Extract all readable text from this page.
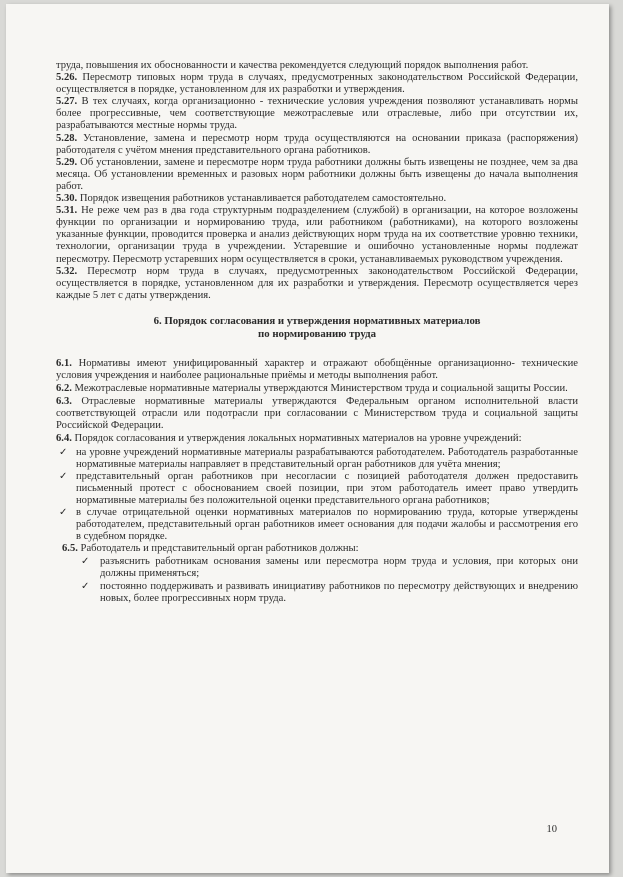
труда, повышения их обоснованности и качества рекомендуется следующий порядок выполнения работ.

5.26. Пересмотр типовых норм труда в случаях, предусмотренных законодательством Российской Федерации, осуществляется в порядке, установленном для их разработки и утверждения.

5.27. В тех случаях, когда организационно - технические условия учреждения позволяют устанавливать нормы более прогрессивные, чем соответствующие межотраслевые или отраслевые, либо при отсутствии их, разрабатываются местные нормы труда.

5.28. Установление, замена и пересмотр норм труда осуществляются на основании приказа (распоряжения) работодателя с учётом мнения представительного органа работников.

5.29. Об установлении, замене и пересмотре норм труда работники должны быть извещены не позднее, чем за два месяца. Об установлении временных и разовых норм работники должны быть извещены до начала выполнения работ.

5.30. Порядок извещения работников устанавливается работодателем самостоятельно.

5.31. Не реже чем раз в два года структурным подразделением (службой) в организации, на которое возложены функции по организации и нормированию труда, или работником (работниками), на которого возложены указанные функции, проводится проверка и анализ действующих норм труда на их соответствие уровню техники, технологии, организации труда в учреждении. Устаревшие и ошибочно установленные нормы подлежат пересмотру. Пересмотр устаревших норм осуществляется в сроки, устанавливаемых руководством учреждения.

5.32. Пересмотр норм труда в случаях, предусмотренных законодательством Российской Федерации, осуществляется в порядке, установленном для их разработки и утверждения. Пересмотр осуществляется через каждые 5 лет с даты утверждения.

6. Порядок согласования и утверждения нормативных материалов
по нормированию труда

6.1. Нормативы имеют унифицированный характер и отражают обобщённые организационно- технические условия учреждения и наиболее рациональные приёмы и методы выполнения работ.

6.2. Межотраслевые нормативные материалы утверждаются Министерством труда и социальной защиты России.

6.3. Отраслевые нормативные материалы утверждаются Федеральным органом исполнительной власти соответствующей отрасли или подотрасли при согласовании с Министерством труда и социальной защиты Российской Федерации.

6.4. Порядок согласования и утверждения локальных нормативных материалов на уровне учреждений:

✓ на уровне учреждений нормативные материалы разрабатываются работодателем. Работодатель разработанные нормативные материалы направляет в представительный орган работников для учёта мнения;
✓ представительный орган работников при несогласии с позицией работодателя должен предоставить письменный протест с обоснованием своей позиции, при этом работодатель имеет право утвердить нормативные материалы без положительной оценки представительного органа работников;
✓ в случае отрицательной оценки нормативных материалов по нормированию труда, которые утверждены работодателем, представительный орган работников имеет основания для подачи жалобы и рассмотрения его в судебном порядке.

6.5. Работодатель и представительный орган работников должны:

✓ разъяснить работникам основания замены или пересмотра норм труда и условия, при которых они должны применяться;
✓ постоянно поддерживать и развивать инициативу работников по пересмотру действующих и внедрению новых, более прогрессивных норм труда.
10
